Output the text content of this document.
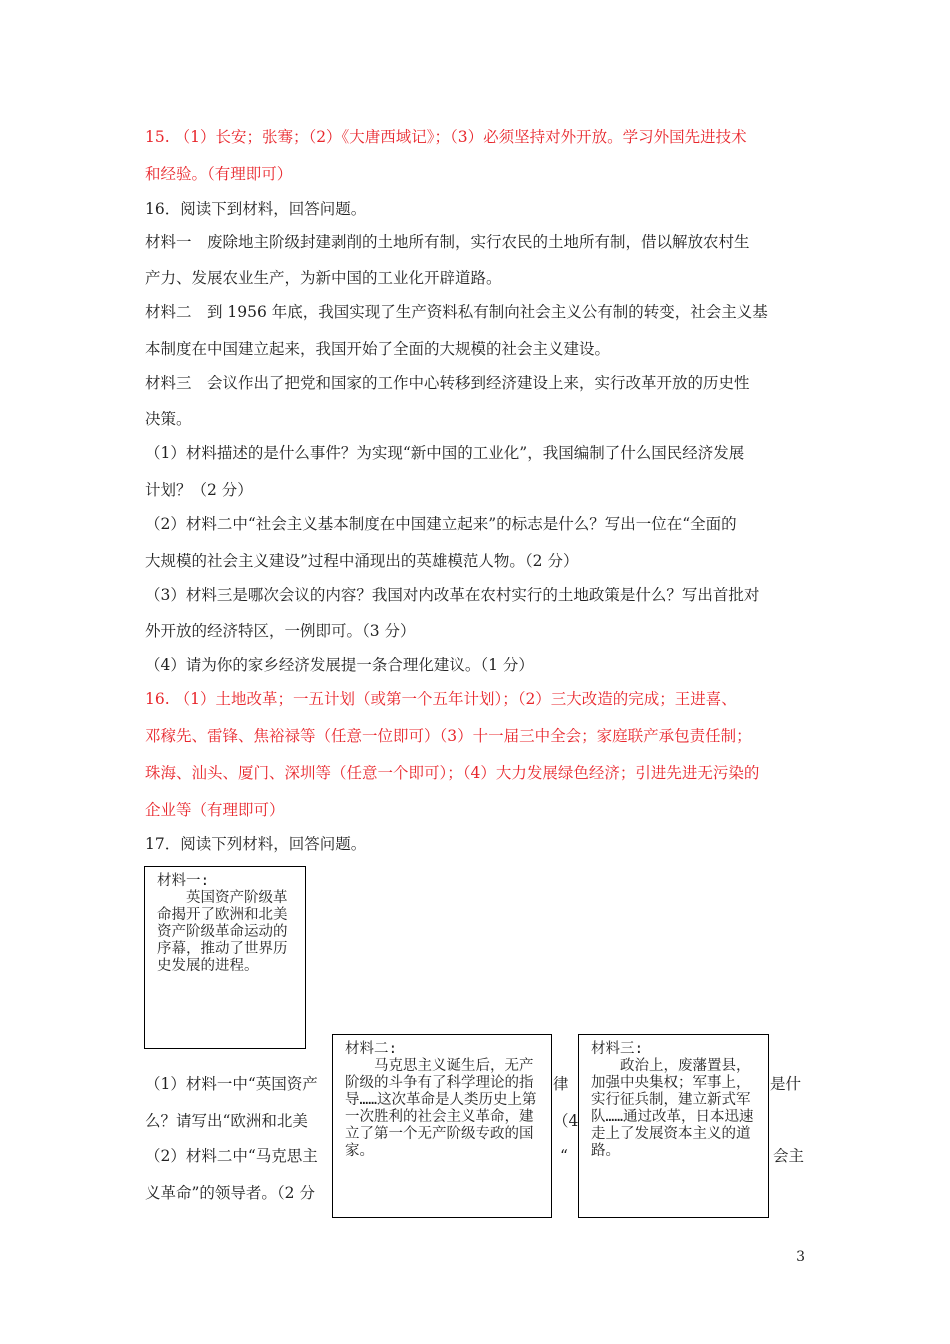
15. （1）长安；张骞；（2）《大唐西域记》；（3）必须坚持对外开放。学习外国先进技术
和经验。（有理即可）
16．阅读下到材料，回答问题。
材料一　废除地主阶级封建剥削的土地所有制，实行农民的土地所有制，借以解放农村生
产力、发展农业生产，为新中国的工业化开辟道路。
材料二　到 1956 年底，我国实现了生产资料私有制向社会主义公有制的转变，社会主义基
本制度在中国建立起来，我国开始了全面的大规模的社会主义建设。
材料三　会议作出了把党和国家的工作中心转移到经济建设上来，实行改革开放的历史性
决策。
（1）材料描述的是什么事件？为实现“新中国的工业化”，我国编制了什么国民经济发展
计划？（2 分）
（2）材料二中“社会主义基本制度在中国建立起来”的标志是什么？写出一位在“全面的
大规模的社会主义建设”过程中涌现出的英雄模范人物。（2 分）
（3）材料三是哪次会议的内容？我国对内改革在农村实行的土地政策是什么？写出首批对
外开放的经济特区，一例即可。（3 分）
（4）请为你的家乡经济发展提一条合理化建议。（1 分）
16. （1）土地改革；一五计划（或第一个五年计划）；（2）三大改造的完成；王进喜、
邓稼先、雷锋、焦裕禄等（任意一位即可）（3）十一届三中全会；家庭联产承包责任制；
珠海、汕头、厦门、深圳等（任意一个即可）；（4）大力发展绿色经济；引进先进无污染的
企业等（有理即可）
17．阅读下列材料，回答问题。
（1）材料一中“英国资产	律	是什
么？请写出“欧洲和北美	（4
（2）材料二中“马克思主	“	会主
义革命”的领导者。（2 分
材料一:
英国资产阶级革命揭开了欧洲和北美资产阶级革命运动的序幕，推动了世界历史发展的进程。
材料二:
马克思主义诞生后，无产阶级的斗争有了科学理论的指导……这次革命是人类历史上第一次胜利的社会主义革命，建立了第一个无产阶级专政的国家。
材料三:
政治上，废藩置县，加强中央集权；军事上，实行征兵制，建立新式军队……通过改革，日本迅速走上了发展资本主义的道路。
3
